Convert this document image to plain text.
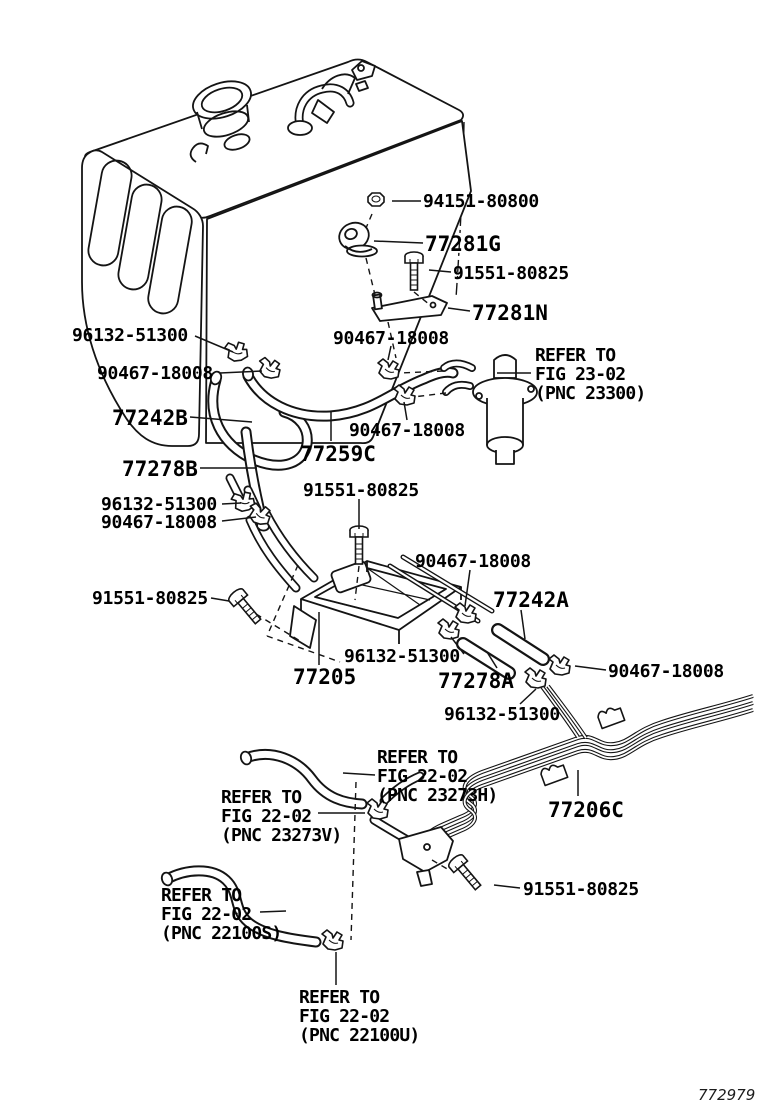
94151-80800
77281G
91551-80825
77281N
96132-51300
90467-18008
90467-18008
77242B
90467-18008
77259C
77278B
91551-80825
96132-51300
90467-18008
91551-80825
90467-18008
77242A
96132-51300
77278A	90467-18008
96132-51300
77205
77206C
91551-80825
REFER TO
FIG 23-02
(PNC 23300)
REFER TO
FIG 22-02
(PNC 23273H)
REFER TO
FIG 22-02
(PNC 23273V)
REFER TO
FIG 22-02
(PNC 22100S)
REFER TO
FIG 22-02
(PNC 22100U)
772979
